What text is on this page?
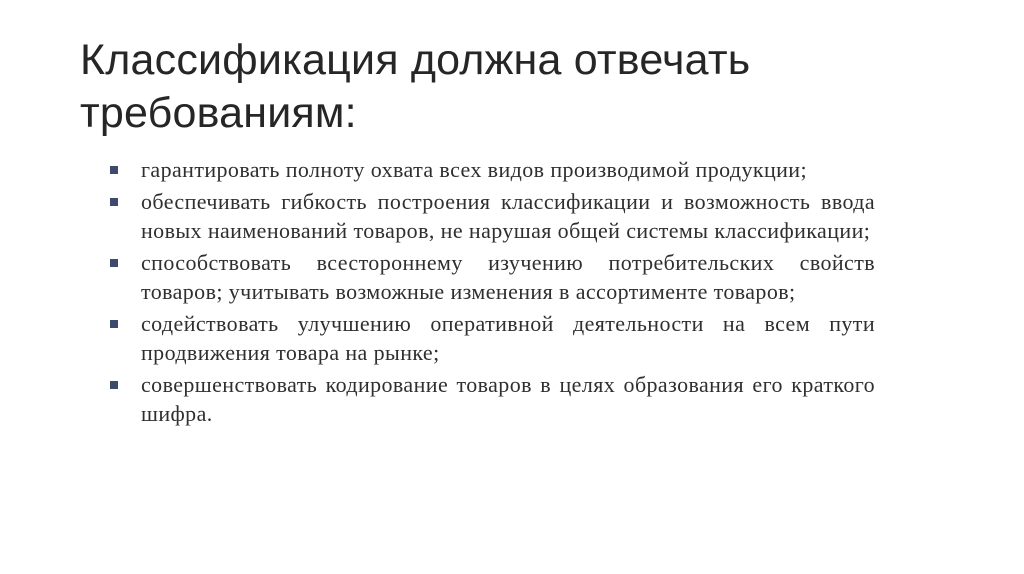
Классификация должна отвечать требованиям:
гарантировать полноту охвата всех видов производимой продукции;
обеспечивать гибкость построения классификации и возможность ввода новых наименований товаров, не нарушая общей системы классификации;
способствовать всестороннему изучению потребительских свойств товаров; учитывать возможные изменения в ассортименте товаров;
содействовать улучшению оперативной деятельности на всем пути продвижения товара на рынке;
совершенствовать кодирование товаров в целях образования его краткого шифра.
